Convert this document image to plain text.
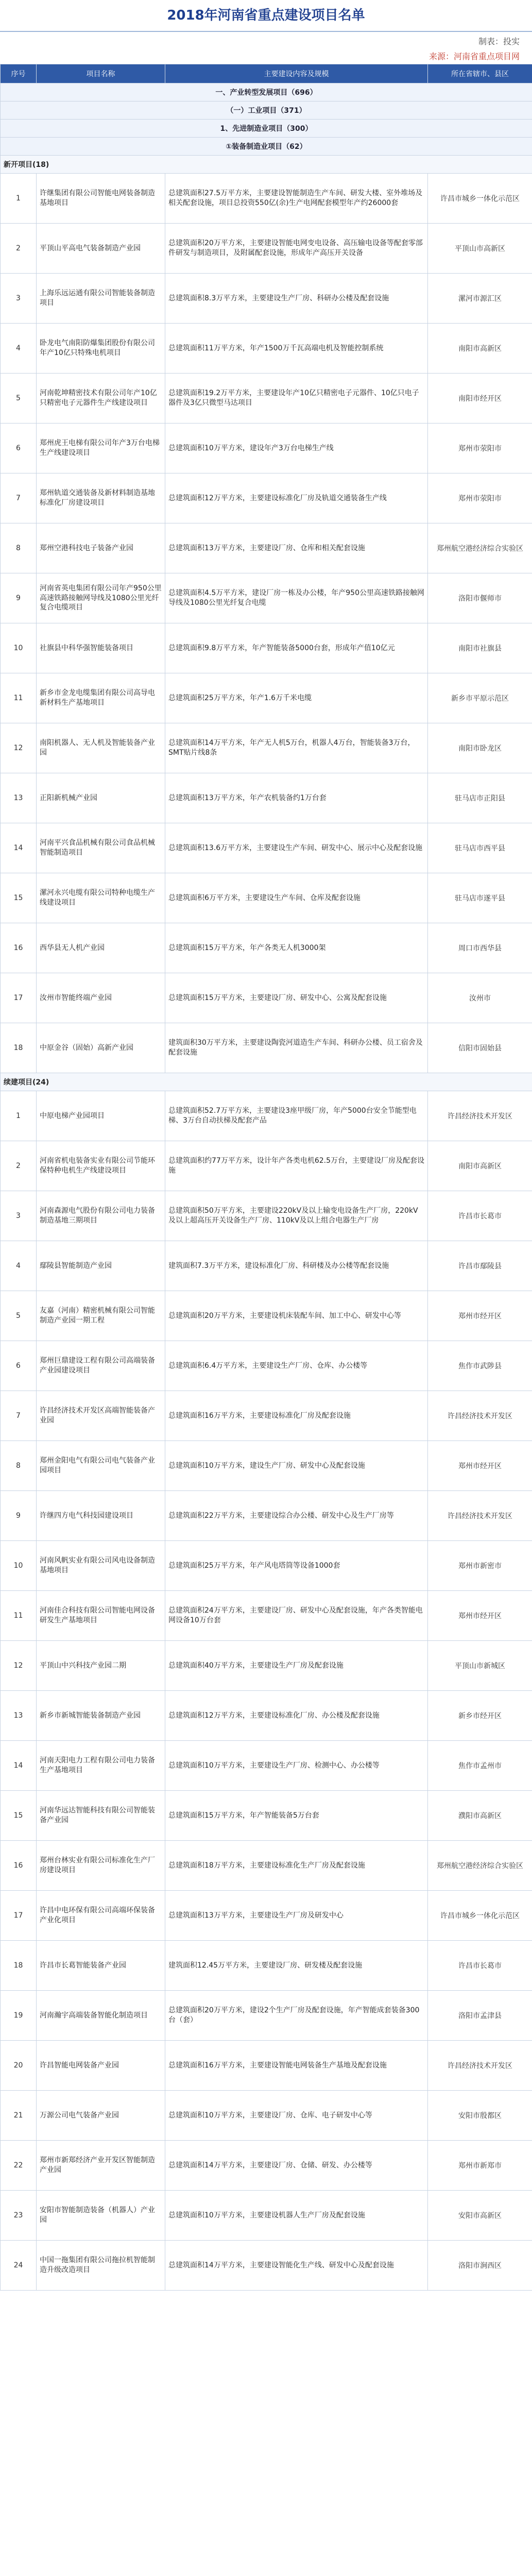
2018年河南省重点建设项目名单
制表：投实
来源：河南省重点项目网
序号	项目名称	主要建设内容及规模	所在省辖市、县区
一、产业转型发展项目（696）			
（一）工业项目（371）			
1、先进制造业项目（300）			
①装备制造业项目（62）			
新开项目(18)			
1	许继集团有限公司智能电网装备制造基地项目	总建筑面积27.5万平方米，主要建设智能制造生产车间、研发大楼、室外堆场及相关配套设施，项目总投资550亿(余)生产电网配套模型年产约26000套	许昌市城乡一体化示范区
2	平顶山平高电气装备制造产业园	总建筑面积20万平方米，主要建设智能电网变电设备、高压输电设备等配套零部件研发与制造项目，及附属配套设施，形成年产高压开关设备	平顶山市高新区
3	上海乐远运通有限公司智能装备制造项目	总建筑面积8.3万平方米，主要建设生产厂房、科研办公楼及配套设施	漯河市源汇区
4	卧龙电气南阳防爆集团股份有限公司年产10亿只特殊电机项目	总建筑面积11万平方米，年产1500万千瓦高端电机及智能控制系统	南阳市高新区
5	河南乾坤精密技术有限公司年产10亿只精密电子元器件生产线建设项目	总建筑面积19.2万平方米，主要建设年产10亿只精密电子元器件、10亿只电子器件及3亿只微型马达项目	南阳市经开区
6	郑州虎王电梯有限公司年产3万台电梯生产线建设项目	总建筑面积10万平方米，建设年产3万台电梯生产线	郑州市荥阳市
7	郑州轨道交通装备及新材料制造基地标准化厂房建设项目	总建筑面积12万平方米，主要建设标准化厂房及轨道交通装备生产线	郑州市荥阳市
8	郑州空港科技电子装备产业园	总建筑面积13万平方米，主要建设厂房、仓库和相关配套设施	郑州航空港经济综合实验区
9	河南省英电集团有限公司年产950公里高速铁路接触网导线及1080公里光纤复合电缆项目	总建筑面积4.5万平方米，建设厂房一栋及办公楼，年产950公里高速铁路接触网导线及1080公里光纤复合电缆	洛阳市偃师市
10	社旗县中科华强智能装备项目	总建筑面积9.8万平方米，年产智能装备5000台套，形成年产值10亿元	南阳市社旗县
11	新乡市金龙电缆集团有限公司高导电新材料生产基地项目	总建筑面积25万平方米，年产1.6万千米电缆	新乡市平原示范区
12	南阳机器人、无人机及智能装备产业园	总建筑面积14万平方米，年产无人机5万台，机器人4万台，智能装备3万台，SMT贴片线8条	南阳市卧龙区
13	正阳新机械产业园	总建筑面积13万平方米，年产农机装备约1万台套	驻马店市正阳县
14	河南平兴食品机械有限公司食品机械智能制造项目	总建筑面积13.6万平方米，主要建设生产车间、研发中心、展示中心及配套设施	驻马店市西平县
15	漯河永兴电缆有限公司特种电缆生产线建设项目	总建筑面积6万平方米，主要建设生产车间、仓库及配套设施	驻马店市遂平县
16	西华县无人机产业园	总建筑面积15万平方米，年产各类无人机3000架	周口市西华县
17	汝州市智能终端产业园	总建筑面积15万平方米，主要建设厂房、研发中心、公寓及配套设施	汝州市
18	中原金谷（固始）高新产业园	建筑面积30万平方米，主要建设陶瓷河道造生产车间、科研办公楼、员工宿舍及配套设施	信阳市固始县
续建项目(24)			
1	中原电梯产业园项目	总建筑面积52.7万平方米，主要建设3座甲级厂房，年产5000台安全节能型电梯、3万台自动扶梯及配套产品	许昌经济技术开发区
2	河南省机电装备实业有限公司节能环保特种电机生产线建设项目	总建筑面积约77万平方米，设计年产各类电机62.5万台，主要建设厂房及配套设施	南阳市高新区
3	河南森源电气股份有限公司电力装备制造基地三期项目	总建筑面积50万平方米，主要建设220kV及以上输变电设备生产厂房，220kV及以上超高压开关设备生产厂房、110kV及以上组合电器生产厂房	许昌市长葛市
4	鄢陵县智能制造产业园	建筑面积7.3万平方米，建设标准化厂房、科研楼及办公楼等配套设施	许昌市鄢陵县
5	友嘉（河南）精密机械有限公司智能制造产业园一期工程	总建筑面积20万平方米，主要建设机床装配车间、加工中心、研发中心等	郑州市经开区
6	郑州巨鼎建设工程有限公司高端装备产业园建设项目	总建筑面积6.4万平方米，主要建设生产厂房、仓库、办公楼等	焦作市武陟县
7	许昌经济技术开发区高端智能装备产业园	总建筑面积16万平方米，主要建设标准化厂房及配套设施	许昌经济技术开发区
8	郑州金阳电气有限公司电气装备产业园项目	总建筑面积10万平方米，建设生产厂房、研发中心及配套设施	郑州市经开区
9	许继四方电气科技园建设项目	总建筑面积22万平方米，主要建设综合办公楼、研发中心及生产厂房等	许昌经济技术开发区
10	河南风帆实业有限公司风电设备制造基地项目	总建筑面积25万平方米，年产风电塔筒等设备1000套	郑州市新密市
11	河南佳合科技有限公司智能电网设备研发生产基地项目	总建筑面积24万平方米，主要建设厂房、研发中心及配套设施，年产各类智能电网设备10万台套	郑州市经开区
12	平顶山中兴科技产业园二期	总建筑面积40万平方米，主要建设生产厂房及配套设施	平顶山市新城区
13	新乡市新城智能装备制造产业园	总建筑面积12万平方米，主要建设标准化厂房、办公楼及配套设施	新乡市经开区
14	河南天阳电力工程有限公司电力装备生产基地项目	总建筑面积10万平方米，主要建设生产厂房、检测中心、办公楼等	焦作市孟州市
15	河南华远达智能科技有限公司智能装备产业园	总建筑面积15万平方米，年产智能装备5万台套	濮阳市高新区
16	郑州台林实业有限公司标准化生产厂房建设项目	总建筑面积18万平方米，主要建设标准化生产厂房及配套设施	郑州航空港经济综合实验区
17	许昌中电环保有限公司高端环保装备产业化项目	总建筑面积13万平方米，主要建设生产厂房及研发中心	许昌市城乡一体化示范区
18	许昌市长葛智能装备产业园	建筑面积12.45万平方米，主要建设厂房、研发楼及配套设施	许昌市长葛市
19	河南瀚宇高端装备智能化制造项目	总建筑面积20万平方米，建设2个生产厂房及配套设施，年产智能成套装备300台（套）	洛阳市孟津县
20	许昌智能电网装备产业园	总建筑面积16万平方米，主要建设智能电网装备生产基地及配套设施	许昌经济技术开发区
21	万源公司电气装备产业园	总建筑面积10万平方米，主要建设厂房、仓库、电子研发中心等	安阳市殷都区
22	郑州市新郑经济产业开发区智能制造产业园	总建筑面积14万平方米，主要建设厂房、仓储、研发、办公楼等	郑州市新郑市
23	安阳市智能制造装备（机器人）产业园	总建筑面积10万平方米，主要建设机器人生产厂房及配套设施	安阳市高新区
24	中国一拖集团有限公司拖拉机智能制造升级改造项目	总建筑面积14万平方米，主要建设智能化生产线、研发中心及配套设施	洛阳市涧西区
